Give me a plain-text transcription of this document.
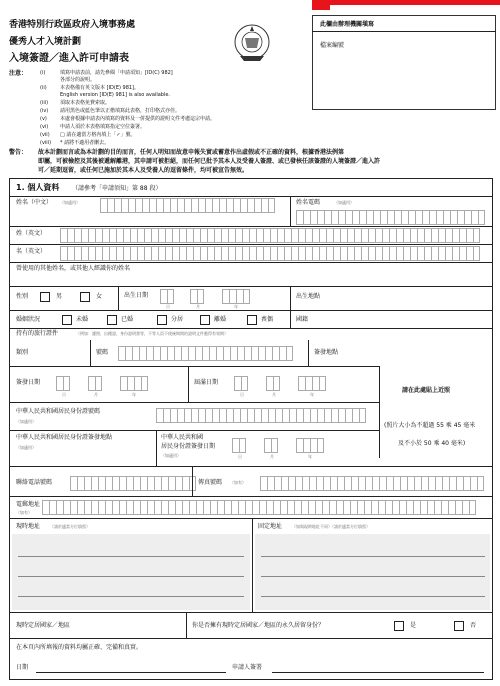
香港特別行政區政府入境事務處
優秀人才入境計劃
入境簽證／進入許可申請表
此欄由辦理機關塡寫
檔案編號
注意：	(i)	填寫申請表前，請先參閱「申請須知」[ID(C) 982]
各部分的說明。
(ii)	本表格備有英文版本 [ID(E) 981]。
English version [ID(E) 981] is also available.
(iii) 須取本表格免費索取。
(iv) 請用黑色或藍色筆以正楷填寫此表格，打印格式亦佳。
(v)	本處會根據申請表內填寫的資料及一併提供的證明文件考慮這宗申請。
(vi) 申請人須於本表格填寫指定空位簽署。
(vii) □ 請在適當方格內填上「✓」號。
(viii) * 請將不適用者刪去。
警告： 故本計劃而言或為本計劃的目的而言，任何人明知而故意申報失實或蓄意作出虛假或不正確的資料，根據香港法例第
即屬，可被檢控及其後被遞解離港，其申請可被拒絕，而任何已批予其本人及受養人簽證、或已發核任該簽證的人境簽證／進入許
可／延期逗留，或任何已施加於其本人及受養人的逗留條件，均可被宣告無效。
1. 個人資料 （請參考「申請須知」第 88 段）
姓名（中文） （如適用）	姓名電碼	（如適用）
姓（英文）
名（英文）
曾使用的其他姓名，或其他人經識你的姓名
性別	男	女	出生日期
日	月	年
出生地點
婚姻狀況	未婚	已婚	分居	離婚	喪偶	國籍
持有的旅行證件	（例如：護照、出種證、身份證明書等，不等人員不使統期間的證明文件應得有效期）
類別	號碼	簽發地點
簽發日期
日	月	年
屆滿日期
日	月	年
請在此處貼上近照
(照片大小為不超過 55 乘 45 毫米
及不小於 50 乘 40 毫米)
中華人民共和國居民身份證號碼
（如適用）
中華人民共和國居民身份證簽發地點
（如適用）
中華人民共和國
居民身份證簽發日期
（如適用）	日	月	年
聯絡電話號碼	傳真號碼 （如有）
電郵地址
（如有）
現時地址 （請於適當方位填寫）	固定地址 （如與現時地址不同）（請於適當方位填寫）
現時定居國家／地區	你是否擁有現時定居國家／地區的永久居留身份？	是	否
在本頁內所填報的資料均屬正確、完備和真實。
日期	申請人簽署
